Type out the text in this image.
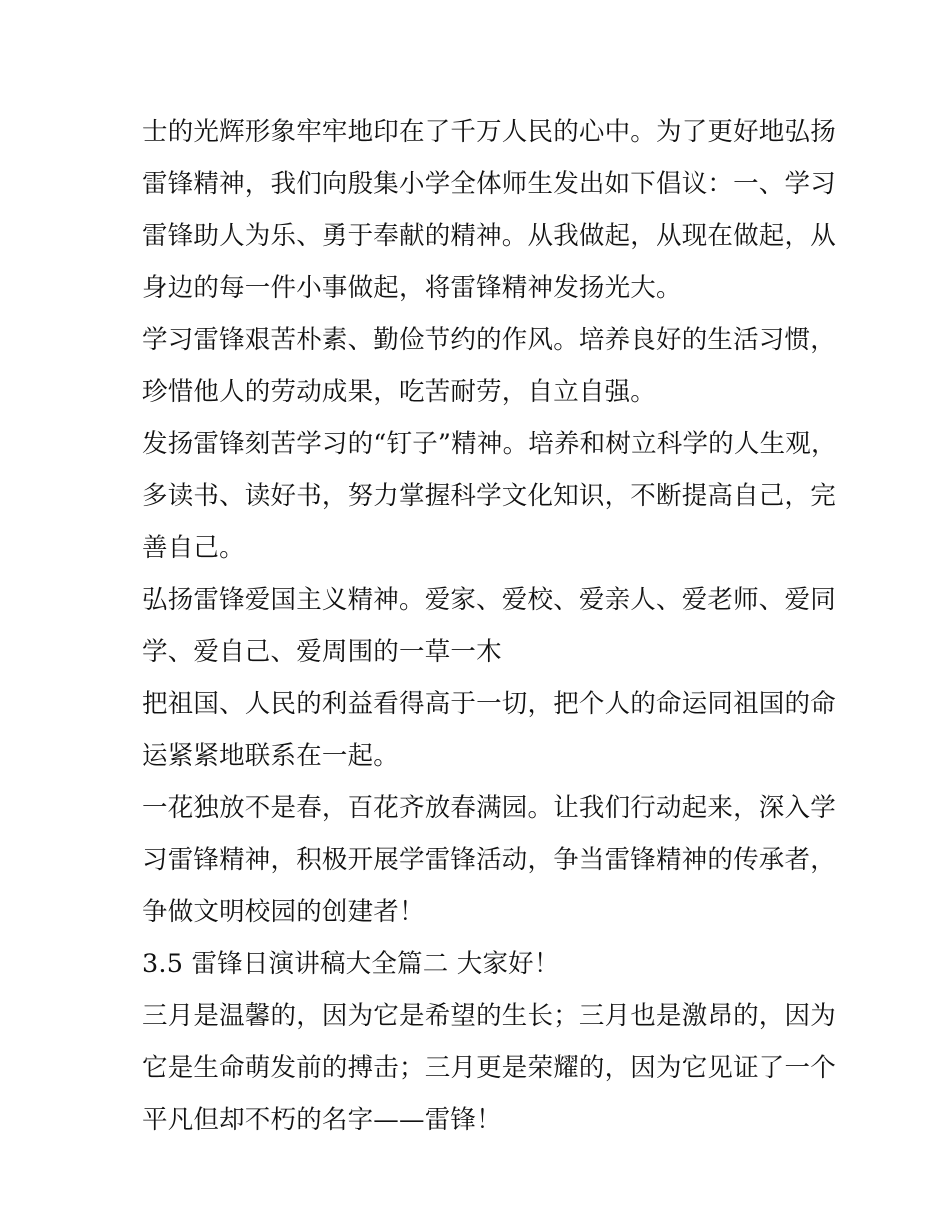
士的光辉形象牢牢地印在了千万人民的心中。为了更好地弘扬
雷锋精神，我们向殷集小学全体师生发出如下倡议：一、学习
雷锋助人为乐、勇于奉献的精神。从我做起，从现在做起，从
身边的每一件小事做起，将雷锋精神发扬光大。
学习雷锋艰苦朴素、勤俭节约的作风。培养良好的生活习惯，
珍惜他人的劳动成果，吃苦耐劳，自立自强。
发扬雷锋刻苦学习的“钉子”精神。培养和树立科学的人生观，
多读书、读好书，努力掌握科学文化知识，不断提高自己，完
善自己。
弘扬雷锋爱国主义精神。爱家、爱校、爱亲人、爱老师、爱同
学、爱自己、爱周围的一草一木
把祖国、人民的利益看得高于一切，把个人的命运同祖国的命
运紧紧地联系在一起。
一花独放不是春，百花齐放春满园。让我们行动起来，深入学
习雷锋精神，积极开展学雷锋活动，争当雷锋精神的传承者，
争做文明校园的创建者！
3.5 雷锋日演讲稿大全篇二 大家好！
三月是温馨的，因为它是希望的生长；三月也是激昂的，因为
它是生命萌发前的搏击；三月更是荣耀的，因为它见证了一个
平凡但却不朽的名字——雷锋！
